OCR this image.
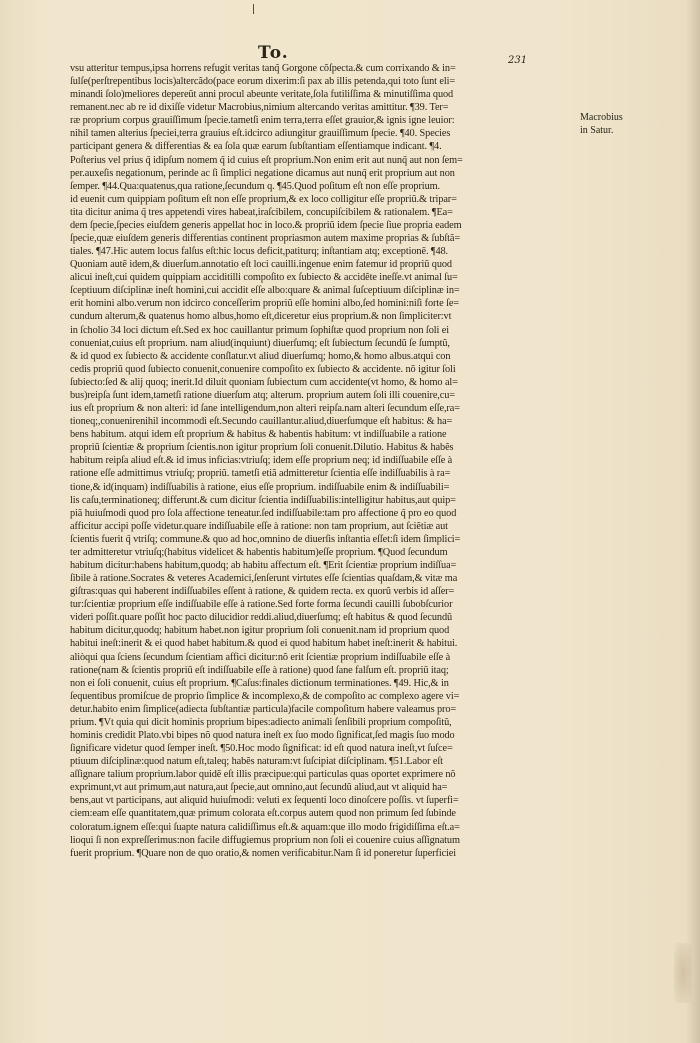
To.	231
vsu atteritur tempus,ipsa horrens refugit veritas tanq̃ Gorgone cõſpecta.& cum corrixando & in=
ſulſe(perſtrepentibus locis)altercãdo(pace eorum dixerim:ſi pax ab illis petenda,qui toto ſunt eli=
minandi ſolo)meliores depereũt anni procul abeunte veritate,ſola futiliſſima & minutiſſima quod
remanent.nec ab re id dixiſſe videtur Macrobius,nimium altercando veritas amittitur. ¶39. Ter=
ræ proprium corpus grauiſſimum ſpecie.tametſi enim terra,terra eſſet grauior,& ignis igne leuior:
nihil tamen alterius ſpeciei,terra grauius eſt.idcirco adiungitur grauiſſimum ſpecie. ¶40. Species
participant genera & differentias & ea ſola quæ earum ſubſtantiam eſſentiamque indicant. ¶4.
Poſterius vel prius q̃ idipſum nomem q̃ id cuius eſt proprium.Non enim erit aut nunq̃ aut non ſem=
per.auxeſis negationum, perinde ac ſi ſimplici negatione dicamus aut nunq̃ erit proprium aut non
ſemper. ¶44.Qua:quatenus,qua ratione,ſecundum q. ¶45.Quod poſitum eſt non eſſe proprium.
id euenit cum quippiam poſitum eſt non eſſe proprium,& ex loco colligitur eſſe propriũ.& tripar=
tita dicitur anima q̃ tres appetendi vires habeat,iraſcibilem, concupiſcibilem & rationalem. ¶Ea=
dem ſpecie,ſpecies eiuſdem generis appellat hoc in loco.& propriũ idem ſpecie ſiue propria eadem
ſpecie,quæ eiuſdem generis differentias continent propriasmon autem maxime proprias & ſubſtã=
tiales. ¶47.Hic autem locus falſus eſt:hic locus deficit,patiturq; inſtantiam atq; exceptionẽ. ¶48.
Quoniam autẽ idem,& diuerſum.annotatio eſt loci cauilli.ingenue enim fatemur id propriũ quod
alicui ineſt,cui quidem quippiam acciditilli compoſito ex ſubiecto & accidẽte ineſſe.vt animal ſu=
ſceptiuum diſciplinæ ineſt homini,cui accidit eſſe albo:quare & animal ſuſceptiuum diſciplinæ in=
erit homini albo.verum non idcirco conceſſerim propriũ eſſe homini albo,ſed homini:niſi forte ſe=
cundum alterum,& quatenus homo albus,homo eſt,diceretur eius proprium.& non ſimpliciter:vt
in ſcholio 34 loci dictum eſt.Sed ex hoc cauillantur primum ſophiſtæ quod proprium non ſoli ei
conueniat,cuius eſt proprium. nam aliud(inquiunt) diuerſumq; eſt ſubiectum ſecundũ ſe ſumptũ,
& id quod ex ſubiecto & accidente conſlatur.vt aliud diuerſumq; homo,& homo albus.atqui con
cedis propriũ quod ſubiecto conuenit,conuenire compoſito ex ſubiecto & accidente. nõ igitur ſoli
ſubiecto:ſed & alij quoq; inerit.Id diluit quoniam ſubiectum cum accidente(vt homo, & homo al=
bus)reipſa ſunt idem,tametſi ratione diuerſum atq; alterum. proprium autem ſoli illi couenire,cu=
ius eſt proprium & non alteri: id ſane intelligendum,non alteri reipſa.nam alteri ſecundum eſſe,ra=
tioneq;,conuenirenihil incommodi eſt.Secundo cauillantur.aliud,diuerſumque eſt habitus: & ha=
bens habitum. atqui idem eſt proprium & habitus & habentis habitum: vt indiſſuabile a ratione
propriũ ſcientiæ & proprium ſcientis.non igitur proprium ſoli conuenit.Dilutio. Habitus & habẽs
habitum reipſa aliud eſt.& id imus inficias:vtriuſq; idem eſſe proprium neq; id indiſſuabile eſſe à
ratione eſſe admittimus vtriuſq; propriũ. tametſi etiã admitteretur ſcientia eſſe indiſſuabilis à ra=
tione,& id(inquam) indiſſuabilis à ratione, eius eſſe proprium. indiſſuabile enim & indiſſuabili=
lis caſu,terminationeq; differunt.& cum dicitur ſcientia indiſſuabilis:intelligitur habitus,aut quip=
piã huiuſmodi quod pro ſola affectione teneatur.ſed indiſſuabile:tam pro affectione q̃ pro eo quod
afficitur accipi poſſe videtur.quare indiſſuabile eſſe à ratione: non tam proprium, aut ſciẽtiæ aut
ſcientis fuerit q̃ vtriſq; commune.& quo ad hoc,omnino de diuerſis inſtantia eſſet:ſi idem ſimplici=
ter admitteretur vtriuſq;(habitus videlicet & habentis habitum)eſſe proprium. ¶Quod ſecundum
habitum dicitur:habens habitum,quodq; ab habitu affectum eſt. ¶Erit ſcientiæ proprium indiſſua=
ſibile à ratione.Socrates & veteres Academici,ſenſerunt virtutes eſſe ſcientias quaſdam,& vitæ ma
giſtras:quas qui haberent indiſſuabiles eſſent à ratione, & quidem recta. ex quorũ verbis id aſſer=
tur:ſcientiæ proprium eſſe indiſſuabile eſſe à ratione.Sed forte forma ſecundi cauilli ſubobſcurior
videri poſſit.quare poſſit hoc pacto dilucidior reddi.aliud,diuerſumq; eſt habitus & quod ſecundũ
habitum dicitur,quodq; habitum habet.non igitur proprium ſoli conuenit.nam id proprium quod
habitui ineſt:inerit & ei quod habet habitum.& quod ei quod habitum habet ineſt:inerit & habitui.
aliòqui qua ſciens ſecundum ſcientiam affici dicitur:nõ erit ſcientiæ proprium indiſſuabile eſſe à
ratione(nam & ſcientis propriũ eſt indiſſuabile eſſe à ratione) quod ſane falſum eſt. propriũ itaq;
non ei ſoli conuenit, cuius eſt proprium. ¶Caſus:finales dictionum terminationes. ¶49. Hic,& in
ſequentibus promiſcue de proprio ſimplice & incomplexo,& de compoſito ac complexo agere vi=
detur.habito enim ſimplice(adiecta ſubſtantiæ particula)facile compoſitum habere valeamus pro=
prium. ¶Vt quia qui dicit hominis proprium bipes:adiecto animali ſenſibili proprium compoſitũ,
hominis credidit Plato.vbi bipes nõ quod natura ineſt ex ſuo modo ſignificat,ſed magis ſuo modo
ſignificare videtur quod ſemper ineſt. ¶50.Hoc modo ſignificat: id eſt quod natura ineſt,vt ſuſce=
ptiuum diſciplinæ:quod natum eſt,taleq; habẽs naturam:vt ſuſcipiat diſciplinam. ¶51.Labor eſt
aſſignare talium proprium.labor quidẽ eſt illis præcipue:qui particulas quas oportet exprimere nõ
exprimunt,vt aut primum,aut natura,aut ſpecie,aut omnino,aut ſecundũ aliud,aut vt aliquid ha=
bens,aut vt participans, aut aliquid huiuſmodi: veluti ex ſequenti loco dinoſcere poſſis. vt ſuperfi=
ciem:eam eſſe quantitatem,quæ primum colorata eſt.corpus autem quod non primum ſed ſubinde
coloratum.ignem eſſe:qui ſuapte natura calidiſſimus eſt.& aquam:que illo modo frigidiſſima eſt.a=
lioqui ſi non expreſſerimus:non facile diffugiemus proprium non ſoli ei couenire cuius aſſignatum
fuerit proprium. ¶Quare non de quo oratio,& nomen verificabitur.Nam ſi id poneretur ſuperficiei
Macrobius
in Satur.
